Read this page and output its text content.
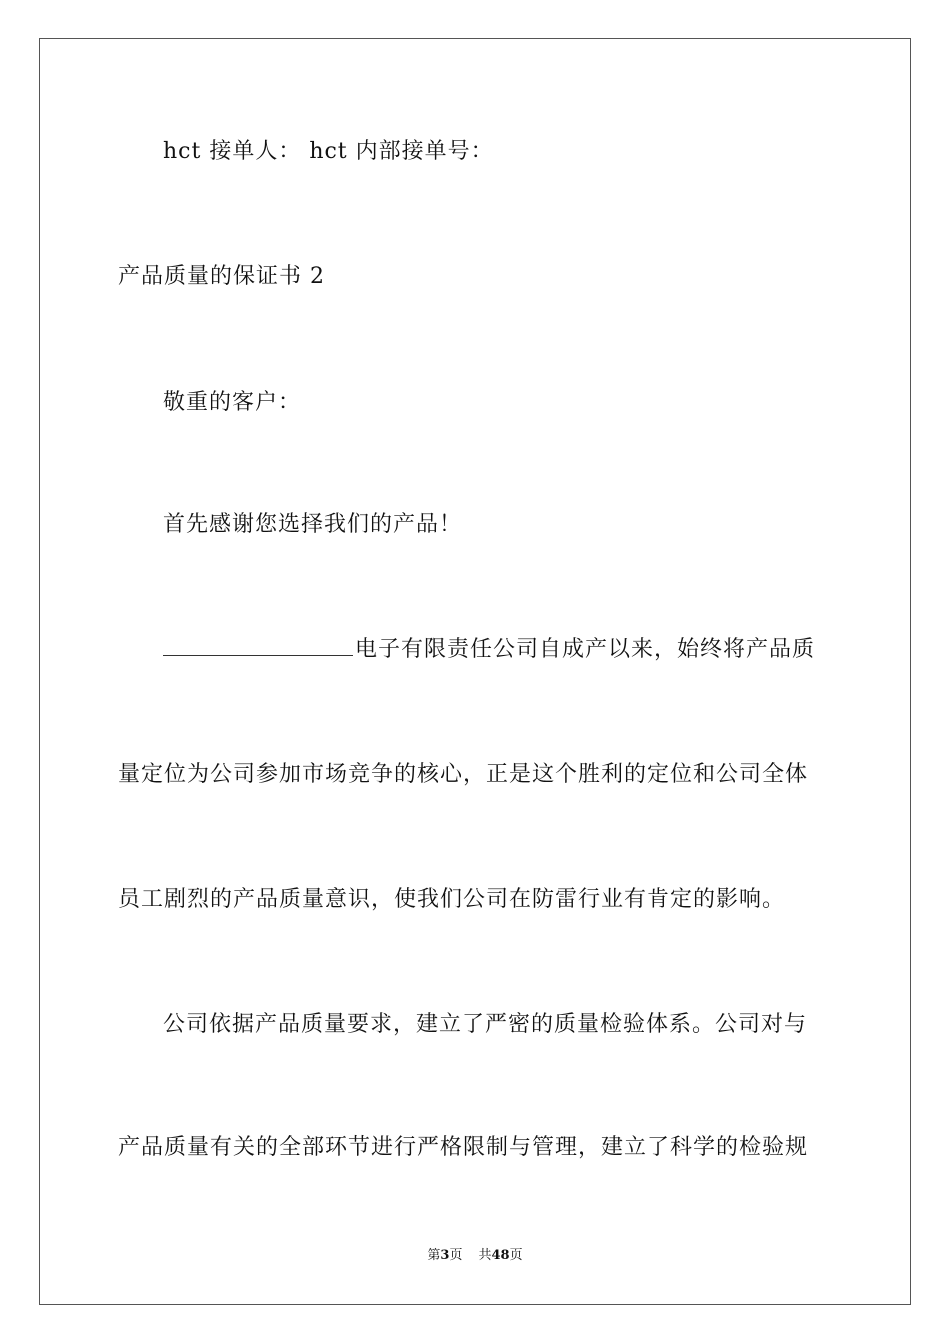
hct 接单人： hct 内部接单号：
产品质量的保证书 2
敬重的客户：
首先感谢您选择我们的产品！
电子有限责任公司自成产以来，始终将产品质
量定位为公司参加市场竞争的核心，正是这个胜利的定位和公司全体
员工剧烈的产品质量意识，使我们公司在防雷行业有肯定的影响。
公司依据产品质量要求，建立了严密的质量检验体系。公司对与
产品质量有关的全部环节进行严格限制与管理，建立了科学的检验规
第3页 共48页
